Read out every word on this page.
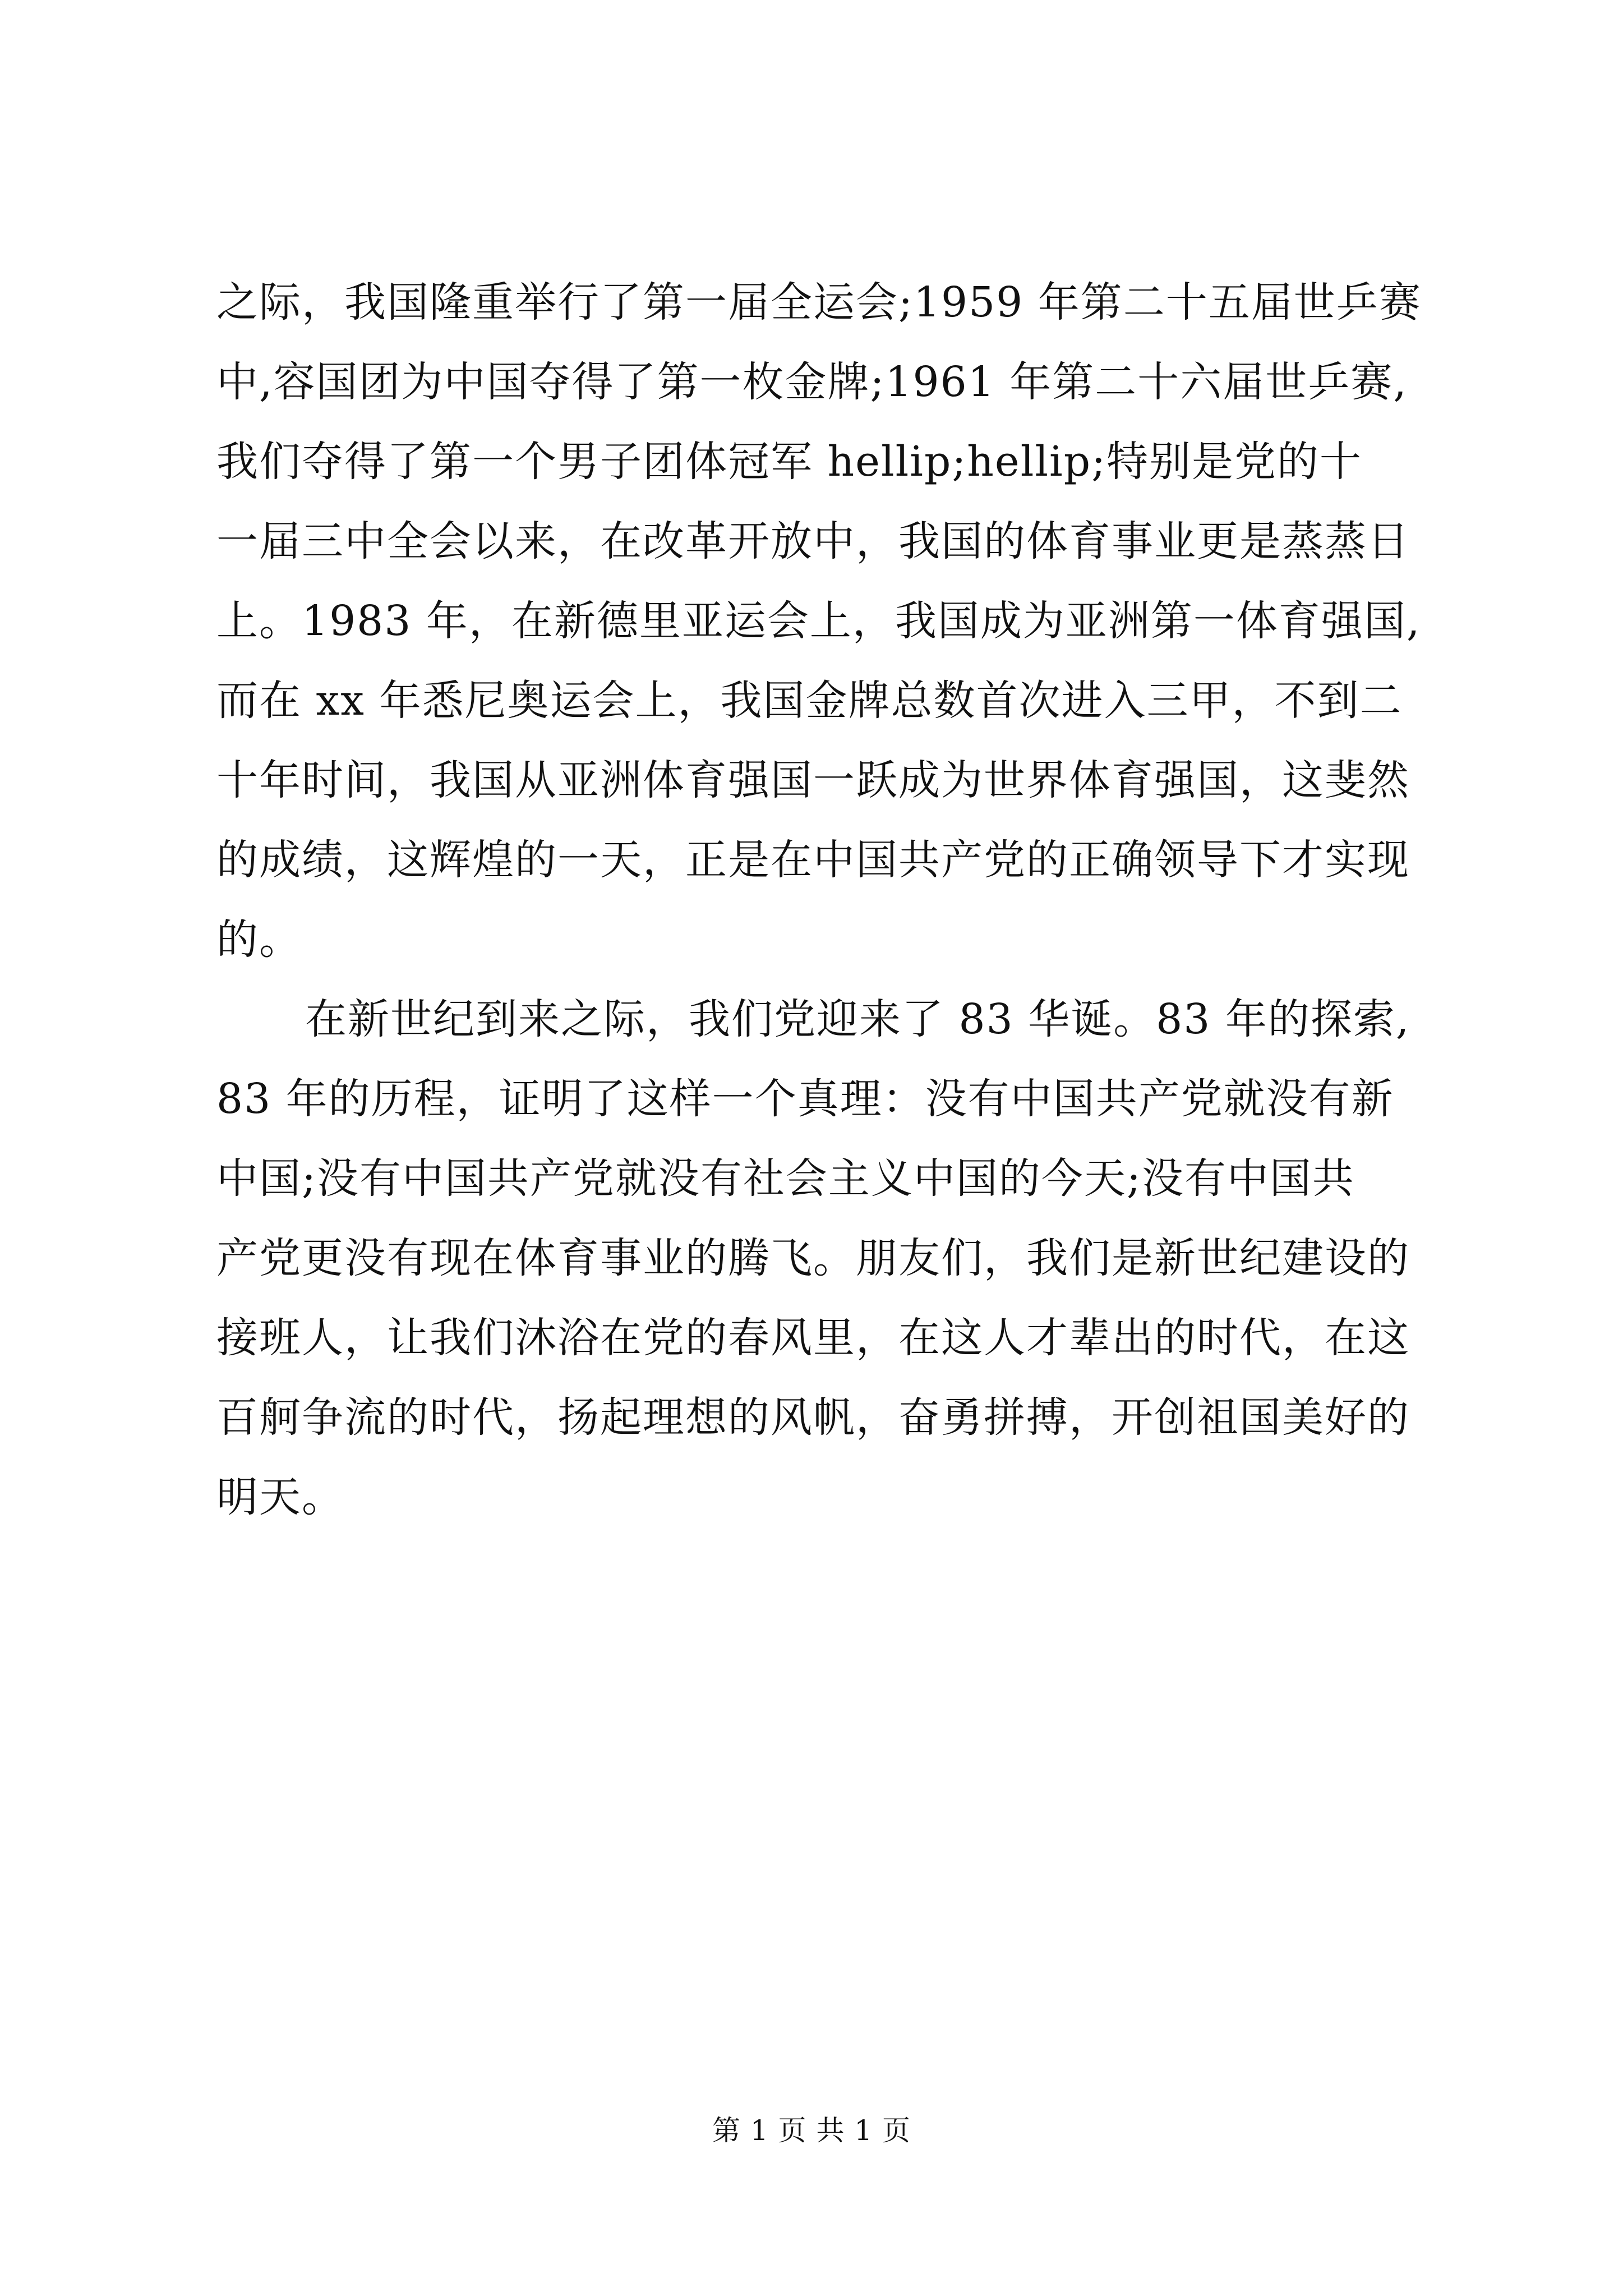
之际，我国隆重举行了第一届全运会;1959 年第二十五届世乒赛
中,容国团为中国夺得了第一枚金牌;1961 年第二十六届世乒赛,
我们夺得了第一个男子团体冠军 hellip;hellip;特别是党的十
一届三中全会以来，在改革开放中，我国的体育事业更是蒸蒸日
上。1983 年，在新德里亚运会上，我国成为亚洲第一体育强国,
而在 xx 年悉尼奥运会上，我国金牌总数首次进入三甲，不到二
十年时间，我国从亚洲体育强国一跃成为世界体育强国，这斐然
的成绩，这辉煌的一天，正是在中国共产党的正确领导下才实现
的。
在新世纪到来之际，我们党迎来了 83 华诞。83 年的探索,
83 年的历程，证明了这样一个真理：没有中国共产党就没有新
中国;没有中国共产党就没有社会主义中国的今天;没有中国共
产党更没有现在体育事业的腾飞。朋友们，我们是新世纪建设的
接班人，让我们沐浴在党的春风里，在这人才辈出的时代，在这
百舸争流的时代，扬起理想的风帆，奋勇拼搏，开创祖国美好的
明天。
第 1 页 共 1 页
